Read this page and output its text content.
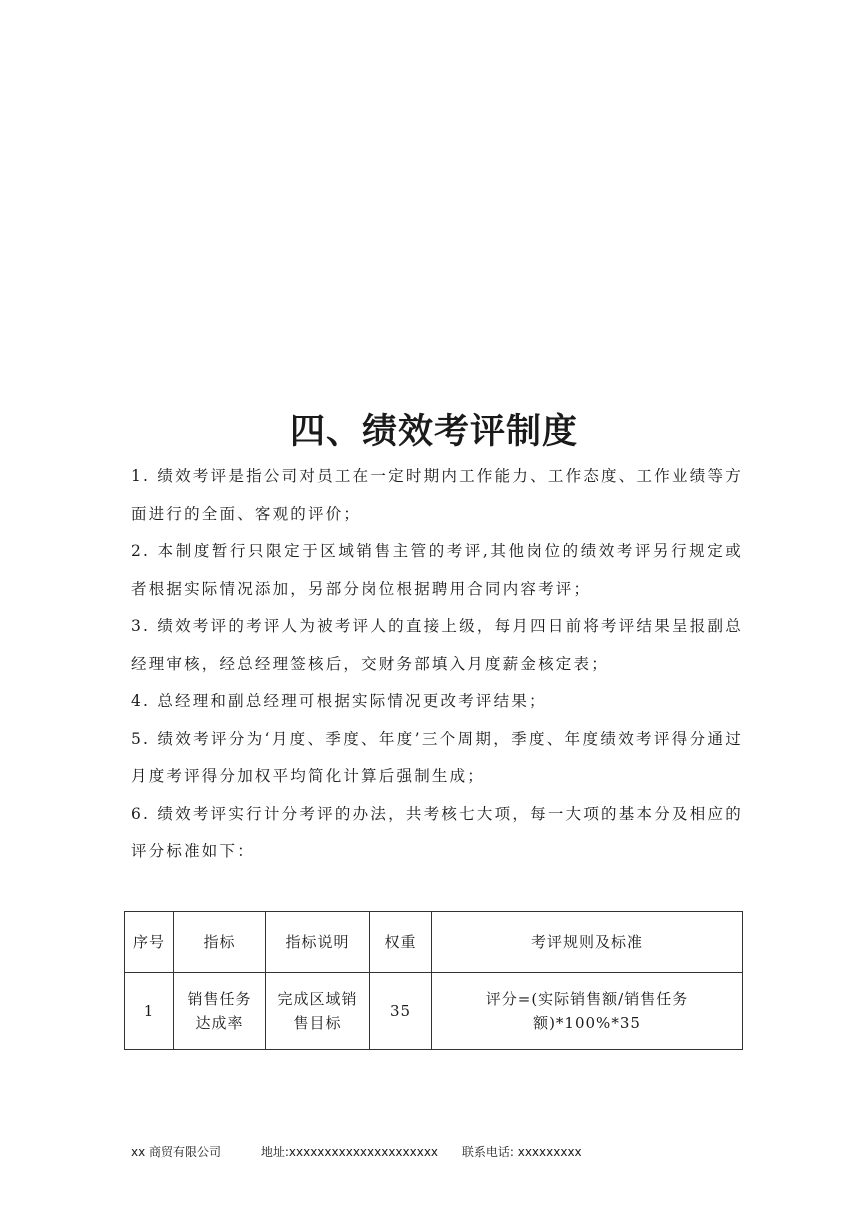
四、绩效考评制度

1. 绩效考评是指公司对员工在一定时期内工作能力、工作态度、工作业绩等方面进行的全面、客观的评价；

2. 本制度暂行只限定于区域销售主管的考评,其他岗位的绩效考评另行规定或者根据实际情况添加，另部分岗位根据聘用合同内容考评；

3. 绩效考评的考评人为被考评人的直接上级，每月四日前将考评结果呈报副总经理审核，经总经理签核后，交财务部填入月度薪金核定表；

4. 总经理和副总经理可根据实际情况更改考评结果；

5. 绩效考评分为‘月度、季度、年度’三个周期，季度、年度绩效考评得分通过月度考评得分加权平均简化计算后强制生成；

6. 绩效考评实行计分考评的办法，共考核七大项，每一大项的基本分及相应的评分标准如下：

序号	指标	指标说明	权重	考评规则及标准
1	销售任务达成率	完成区域销售目标	35	评分=(实际销售额/销售任务额)*100%*35
xx 商贸有限公司	地址:xxxxxxxxxxxxxxxxxxxxx 联系电话: xxxxxxxxx
